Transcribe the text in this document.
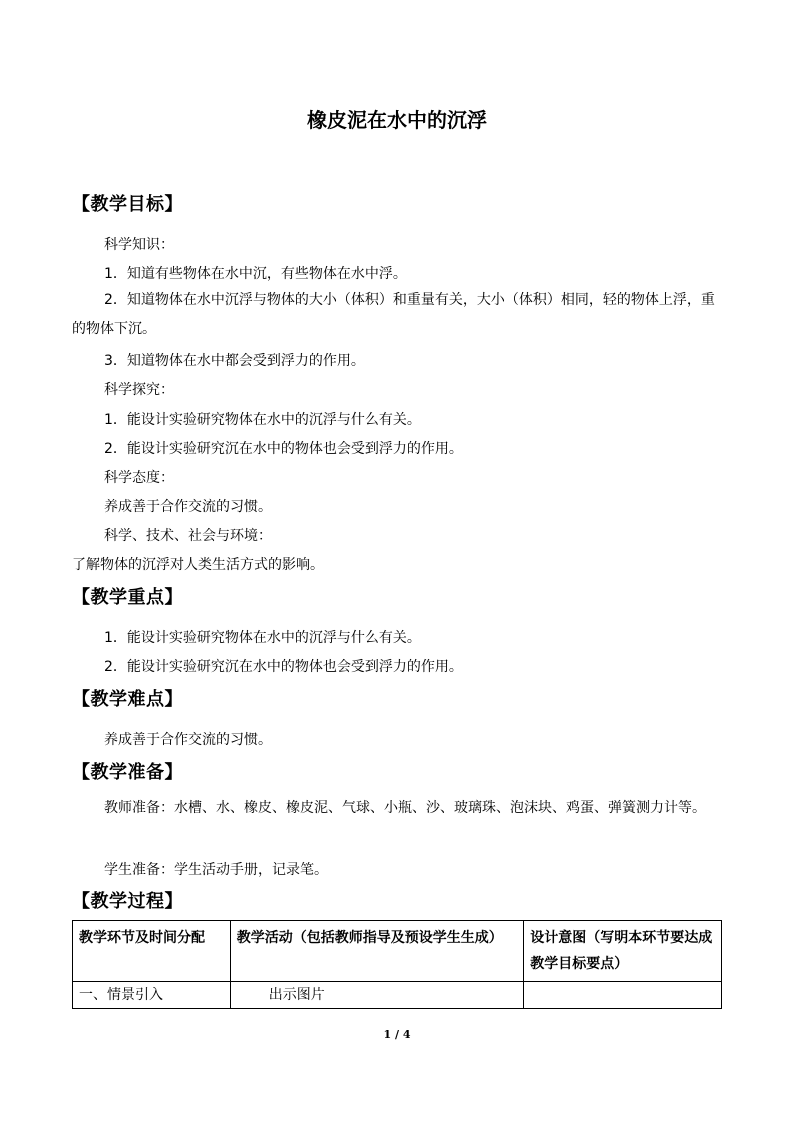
橡皮泥在水中的沉浮
【教学目标】
科学知识：
1．知道有些物体在水中沉，有些物体在水中浮。
2．知道物体在水中沉浮与物体的大小（体积）和重量有关，大小（体积）相同，轻的物体上浮，重的物体下沉。
3．知道物体在水中都会受到浮力的作用。
科学探究：
1．能设计实验研究物体在水中的沉浮与什么有关。
2．能设计实验研究沉在水中的物体也会受到浮力的作用。
科学态度：
养成善于合作交流的习惯。
科学、技术、社会与环境：
了解物体的沉浮对人类生活方式的影响。
【教学重点】
1．能设计实验研究物体在水中的沉浮与什么有关。
2．能设计实验研究沉在水中的物体也会受到浮力的作用。
【教学难点】
养成善于合作交流的习惯。
【教学准备】
教师准备：水槽、水、橡皮、橡皮泥、气球、小瓶、沙、玻璃珠、泡沫块、鸡蛋、弹簧测力计等。
学生准备：学生活动手册，记录笔。
【教学过程】
教学环节及时间分配	教学活动（包括教师指导及预设学生生成）	设计意图（写明本环节要达成教学目标要点）
一、情景引入	出示图片	
1 / 4
